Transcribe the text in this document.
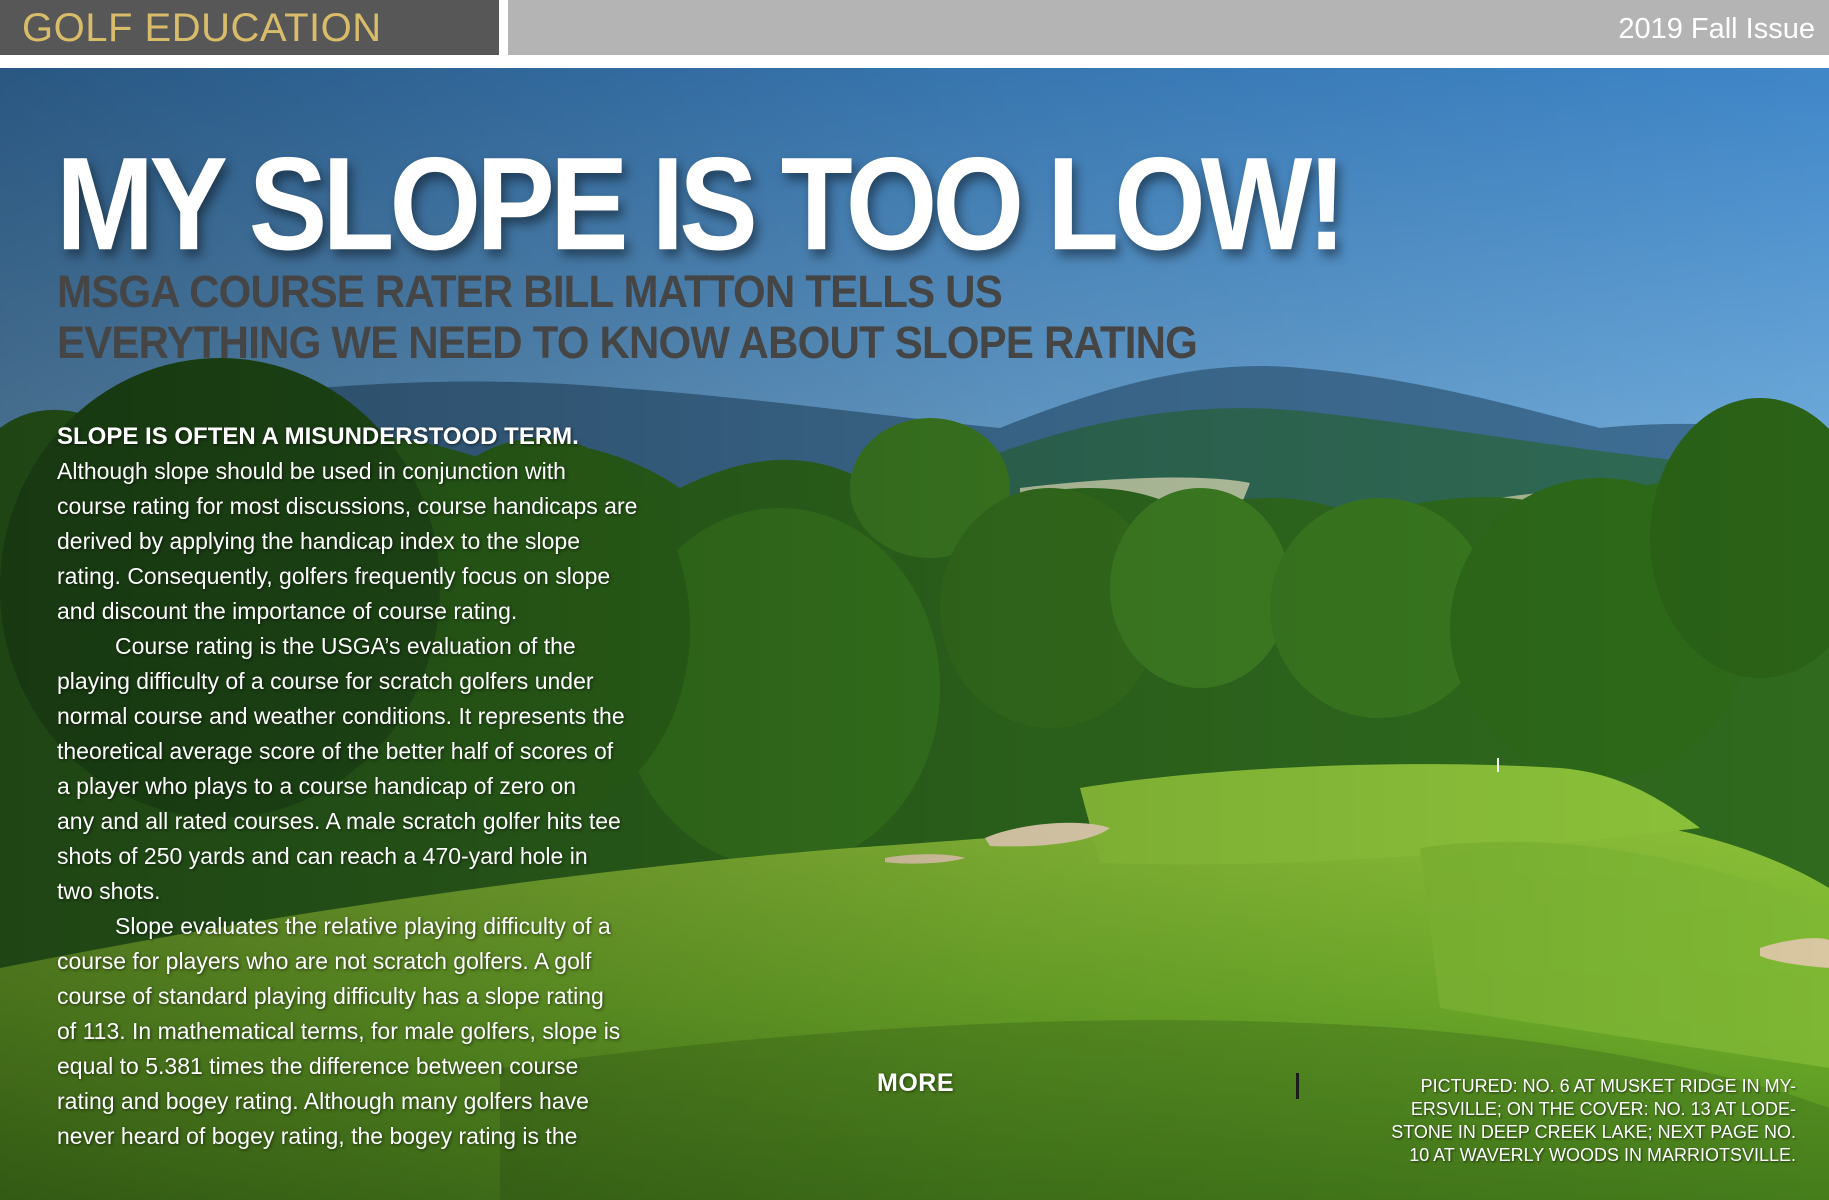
GOLF EDUCATION	2019 Fall Issue
MY SLOPE IS TOO LOW!
MSGA COURSE RATER BILL MATTON TELLS US
EVERYTHING WE NEED TO KNOW ABOUT SLOPE RATING
SLOPE IS OFTEN A MISUNDERSTOOD TERM.
Although slope should be used in conjunction with
course rating for most discussions, course handicaps are
derived by applying the handicap index to the slope
rating. Consequently, golfers frequently focus on slope
and discount the importance of course rating.
Course rating is the USGA’s evaluation of the
playing difficulty of a course for scratch golfers under
normal course and weather conditions. It represents the
theoretical average score of the better half of scores of
a player who plays to a course handicap of zero on
any and all rated courses. A male scratch golfer hits tee
shots of 250 yards and can reach a 470-yard hole in
two shots.
Slope evaluates the relative playing difficulty of a
course for players who are not scratch golfers. A golf
course of standard playing difficulty has a slope rating
of 113. In mathematical terms, for male golfers, slope is
equal to 5.381 times the difference between course
rating and bogey rating. Although many golfers have
never heard of bogey rating, the bogey rating is the
MORE	PICTURED: NO. 6 AT MUSKET RIDGE IN MY-
ERSVILLE; ON THE COVER: NO. 13 AT LODE-
STONE IN DEEP CREEK LAKE; NEXT PAGE NO.
10 AT WAVERLY WOODS IN MARRIOTSVILLE.
